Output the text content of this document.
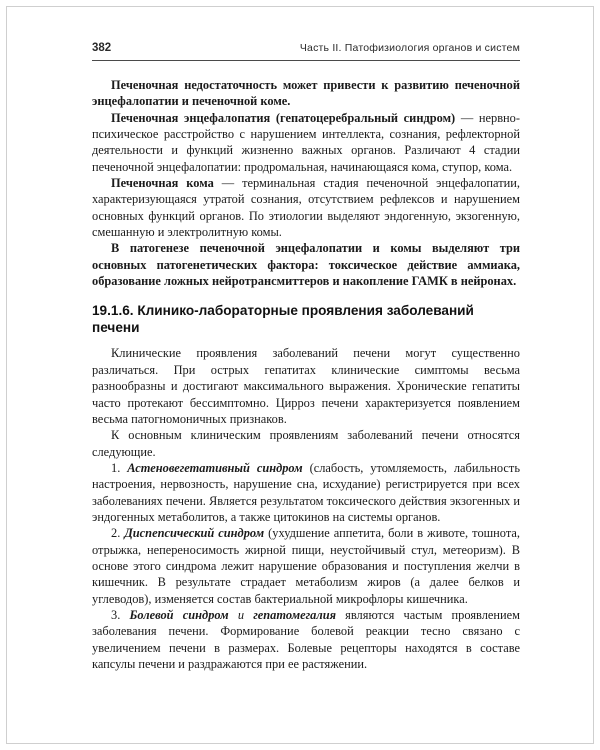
382	Часть II. Патофизиология органов и систем

Печеночная недостаточность может привести к развитию печеночной энцефалопатии и печеночной коме.

Печеночная энцефалопатия (гепатоцеребральный синдром) — нервно-психическое расстройство с нарушением интеллекта, сознания, рефлекторной деятельности и функций жизненно важных органов. Различают 4 стадии печеночной энцефалопатии: продромальная, начинающаяся кома, ступор, кома.

Печеночная кома — терминальная стадия печеночной энцефалопатии, характеризующаяся утратой сознания, отсутствием рефлексов и нарушением основных функций органов. По этиологии выделяют эндогенную, экзогенную, смешанную и электролитную комы.

В патогенезе печеночной энцефалопатии и комы выделяют три основных патогенетических фактора: токсическое действие аммиака, образование ложных нейротрансмиттеров и накопление ГАМК в нейронах.

19.1.6. Клинико-лабораторные проявления заболеваний печени

Клинические проявления заболеваний печени могут существенно различаться. При острых гепатитах клинические симптомы весьма разнообразны и достигают максимального выражения. Хронические гепатиты часто протекают бессимптомно. Цирроз печени характеризуется появлением весьма патогномоничных признаков.

К основным клиническим проявлениям заболеваний печени относятся следующие.

1. Астеновегетативный синдром (слабость, утомляемость, лабильность настроения, нервозность, нарушение сна, исхудание) регистрируется при всех заболеваниях печени. Является результатом токсического действия экзогенных и эндогенных метаболитов, а также цитокинов на системы органов.

2. Диспепсический синдром (ухудшение аппетита, боли в животе, тошнота, отрыжка, непереносимость жирной пищи, неустойчивый стул, метеоризм). В основе этого синдрома лежит нарушение образования и поступления желчи в кишечник. В результате страдает метаболизм жиров (а далее белков и углеводов), изменяется состав бактериальной микрофлоры кишечника.

3. Болевой синдром и гепатомегалия являются частым проявлением заболевания печени. Формирование болевой реакции тесно связано с увеличением печени в размерах. Болевые рецепторы находятся в составе капсулы печени и раздражаются при ее растяжении.
